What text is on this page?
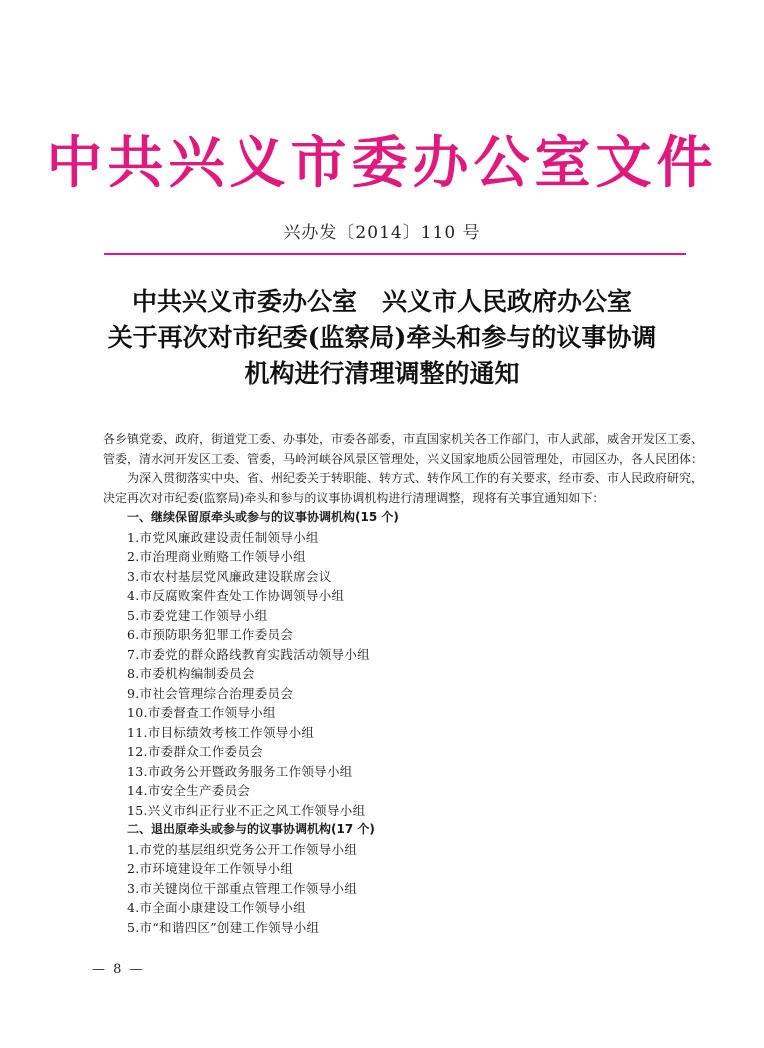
中共兴义市委办公室文件
兴办发〔2014〕110 号
中共兴义市委办公室　兴义市人民政府办公室
关于再次对市纪委(监察局)牵头和参与的议事协调
机构进行清理调整的通知

各乡镇党委、政府，街道党工委、办事处，市委各部委，市直国家机关各工作部门，市人武部，威舍开发区工委、管委，清水河开发区工委、管委，马岭河峡谷风景区管理处，兴义国家地质公园管理处，市园区办，各人民团体：

为深入贯彻落实中央、省、州纪委关于转职能、转方式、转作风工作的有关要求，经市委、市人民政府研究，决定再次对市纪委(监察局)牵头和参与的议事协调机构进行清理调整，现将有关事宜通知如下：

一、继续保留原牵头或参与的议事协调机构(15 个)
1.市党风廉政建设责任制领导小组
2.市治理商业贿赂工作领导小组
3.市农村基层党风廉政建设联席会议
4.市反腐败案件查处工作协调领导小组
5.市委党建工作领导小组
6.市预防职务犯罪工作委员会
7.市委党的群众路线教育实践活动领导小组
8.市委机构编制委员会
9.市社会管理综合治理委员会
10.市委督查工作领导小组
11.市目标绩效考核工作领导小组
12.市委群众工作委员会
13.市政务公开暨政务服务工作领导小组
14.市安全生产委员会
15.兴义市纠正行业不正之风工作领导小组
二、退出原牵头或参与的议事协调机构(17 个)
1.市党的基层组织党务公开工作领导小组
2.市环境建设年工作领导小组
3.市关键岗位干部重点管理工作领导小组
4.市全面小康建设工作领导小组
5.市“和谐四区”创建工作领导小组
— 8 —
